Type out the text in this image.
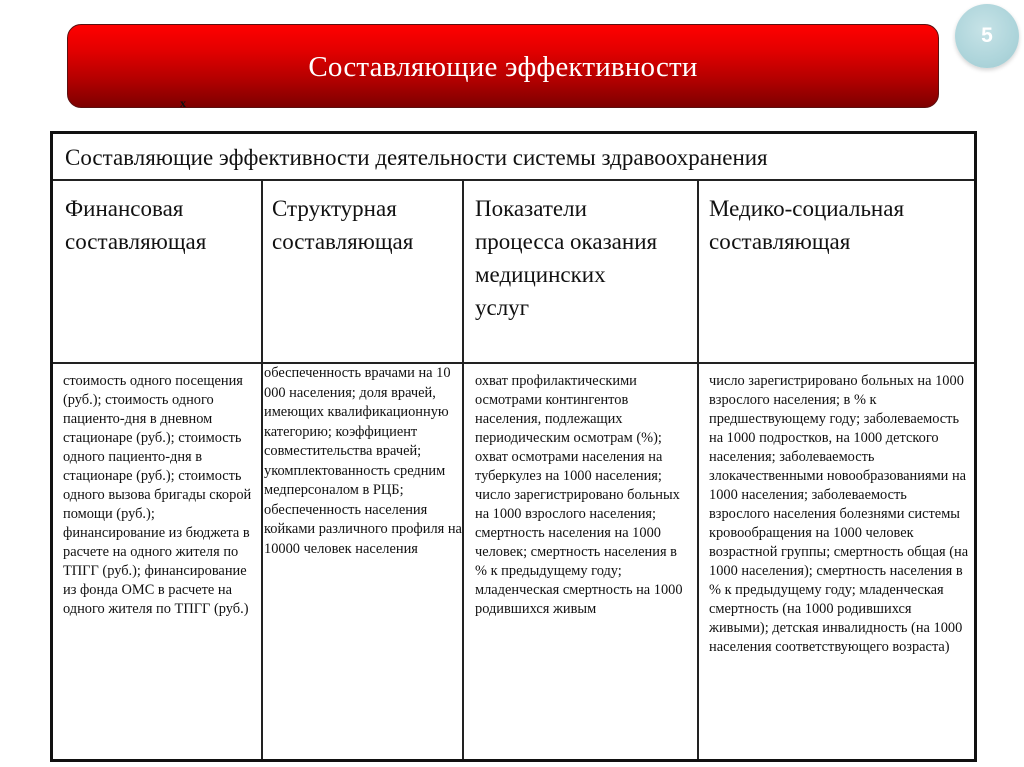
Составляющие эффективности
x
5
Составляющие эффективности деятельности системы здравоохранения
Финансовая составляющая
Структурная составляющая
Показатели процесса оказания медицинских услуг
Медико-социальная составляющая
стоимость одного посещения (руб.); стоимость одного пациенто-дня в дневном стационаре (руб.); стоимость одного пациенто-дня в стационаре (руб.); стоимость одного вызова бригады скорой помощи (руб.); финансирование из бюджета в расчете на одного жителя по ТПГГ (руб.); финансирование из фонда ОМС в расчете на одного жителя по ТПГГ (руб.)
обеспеченность врачами на 10 000 населения; доля врачей, имеющих квалификационную категорию; коэффициент совместительства врачей; укомплектованность средним медперсоналом в РЦБ; обеспеченность населения койками различного профиля на 10000 человек населения
охват профилактическими осмотрами контингентов населения, подлежащих периодическим осмотрам (%); охват осмотрами населения на туберкулез на 1000 населения; число зарегистрировано больных на 1000 взрослого населения; смертность населения на 1000 человек; смертность населения в % к предыдущему году; младенческая смертность на 1000 родившихся живым
число зарегистрировано больных на 1000 взрослого населения; в % к предшествующему году; заболеваемость на 1000 подростков, на 1000 детского населения; заболеваемость злокачественными новообразованиями на 1000 населения; заболеваемость взрослого населения болезнями системы кровообращения на 1000 человек возрастной группы; смертность общая (на 1000 населения); смертность населения в % к предыдущему году; младенческая смертность (на 1000 родившихся живыми); детская инвалидность (на 1000 населения соответствующего возраста)
